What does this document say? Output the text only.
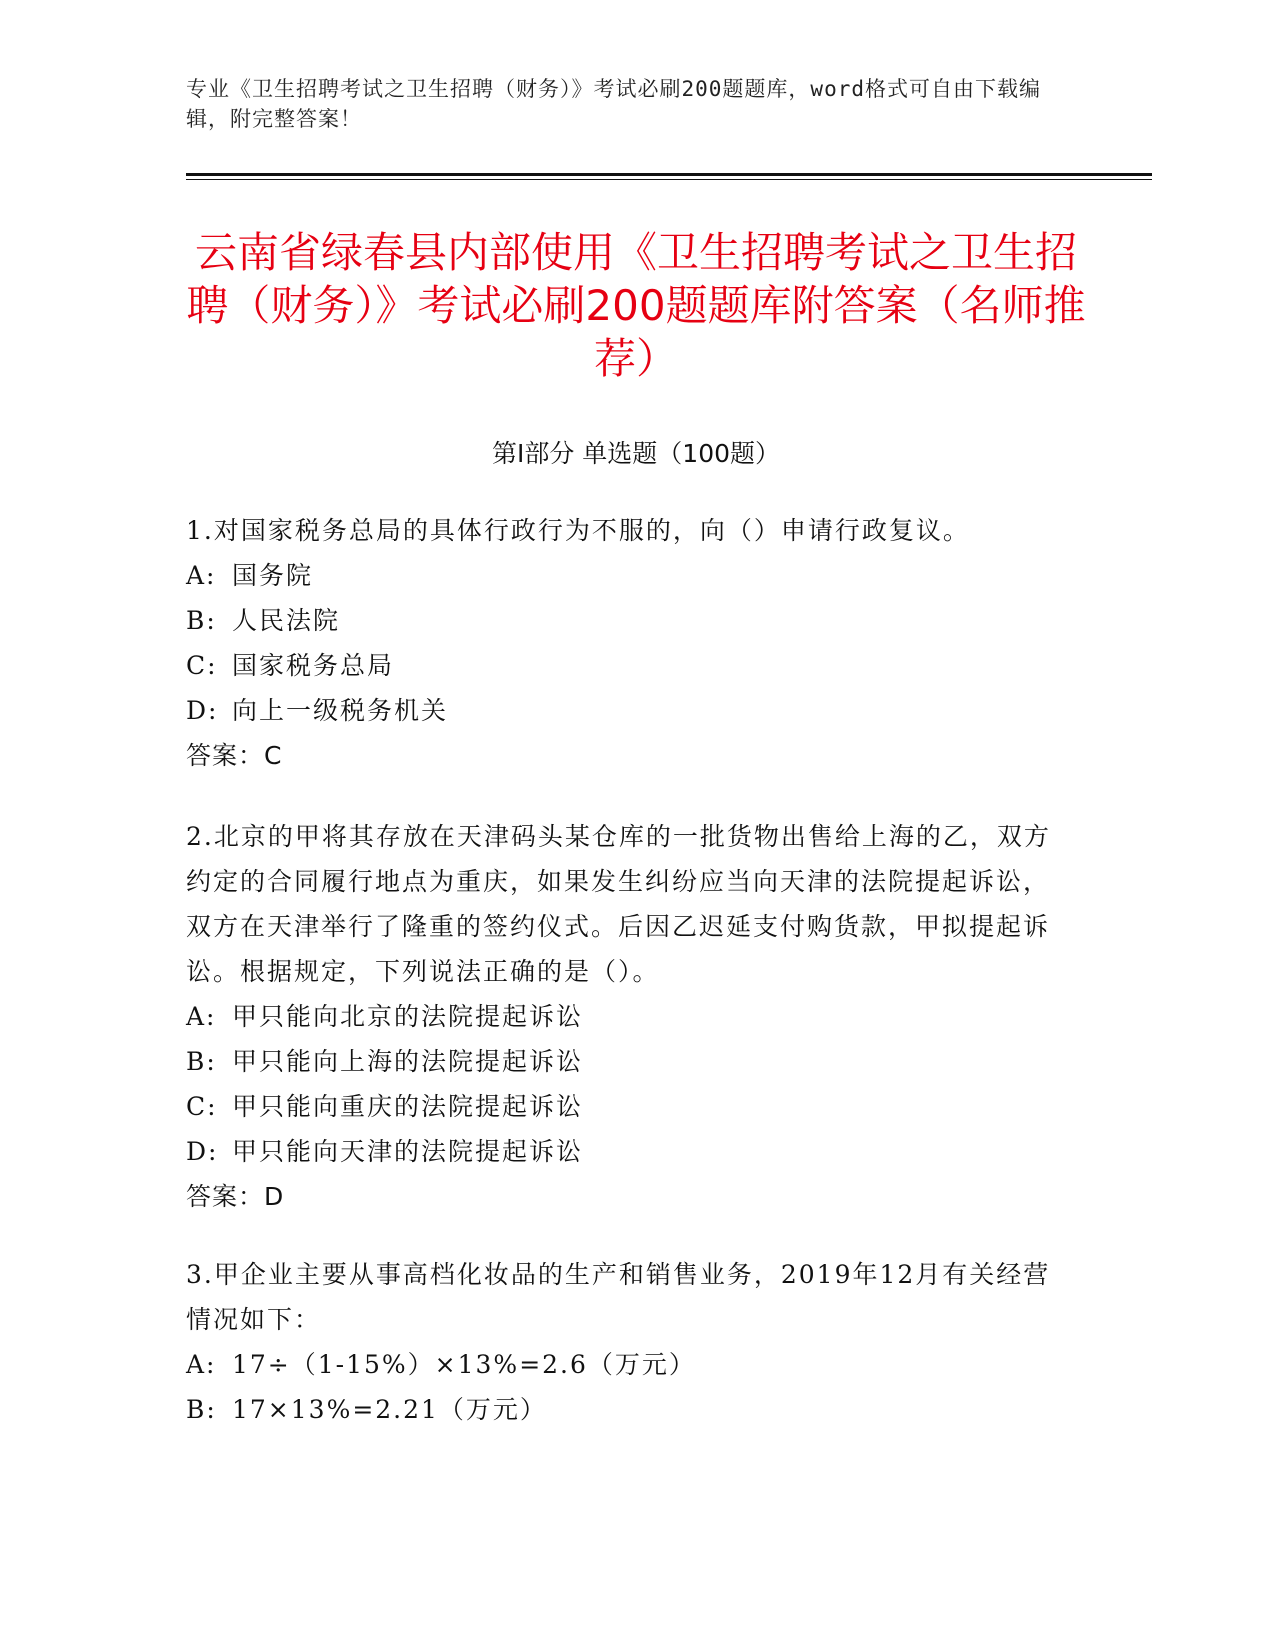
专业《卫生招聘考试之卫生招聘（财务）》考试必刷200题题库，word格式可自由下载编辑，附完整答案！
云南省绿春县内部使用《卫生招聘考试之卫生招聘（财务）》考试必刷200题题库附答案（名师推荐）
第Ⅰ部分 单选题（100题）

1.对国家税务总局的具体行政行为不服的，向（）申请行政复议。

A: 国务院

B: 人民法院

C: 国家税务总局

D: 向上一级税务机关

答案：C

2.北京的甲将其存放在天津码头某仓库的一批货物出售给上海的乙，双方约定的合同履行地点为重庆，如果发生纠纷应当向天津的法院提起诉讼，双方在天津举行了隆重的签约仪式。后因乙迟延支付购货款，甲拟提起诉讼。根据规定，下列说法正确的是（）。

A: 甲只能向北京的法院提起诉讼

B: 甲只能向上海的法院提起诉讼

C: 甲只能向重庆的法院提起诉讼

D: 甲只能向天津的法院提起诉讼

答案：D

3.甲企业主要从事高档化妆品的生产和销售业务，2019年12月有关经营情况如下：

A: 17÷（1-15%）×13%=2.6（万元）

B: 17×13%=2.21（万元）
